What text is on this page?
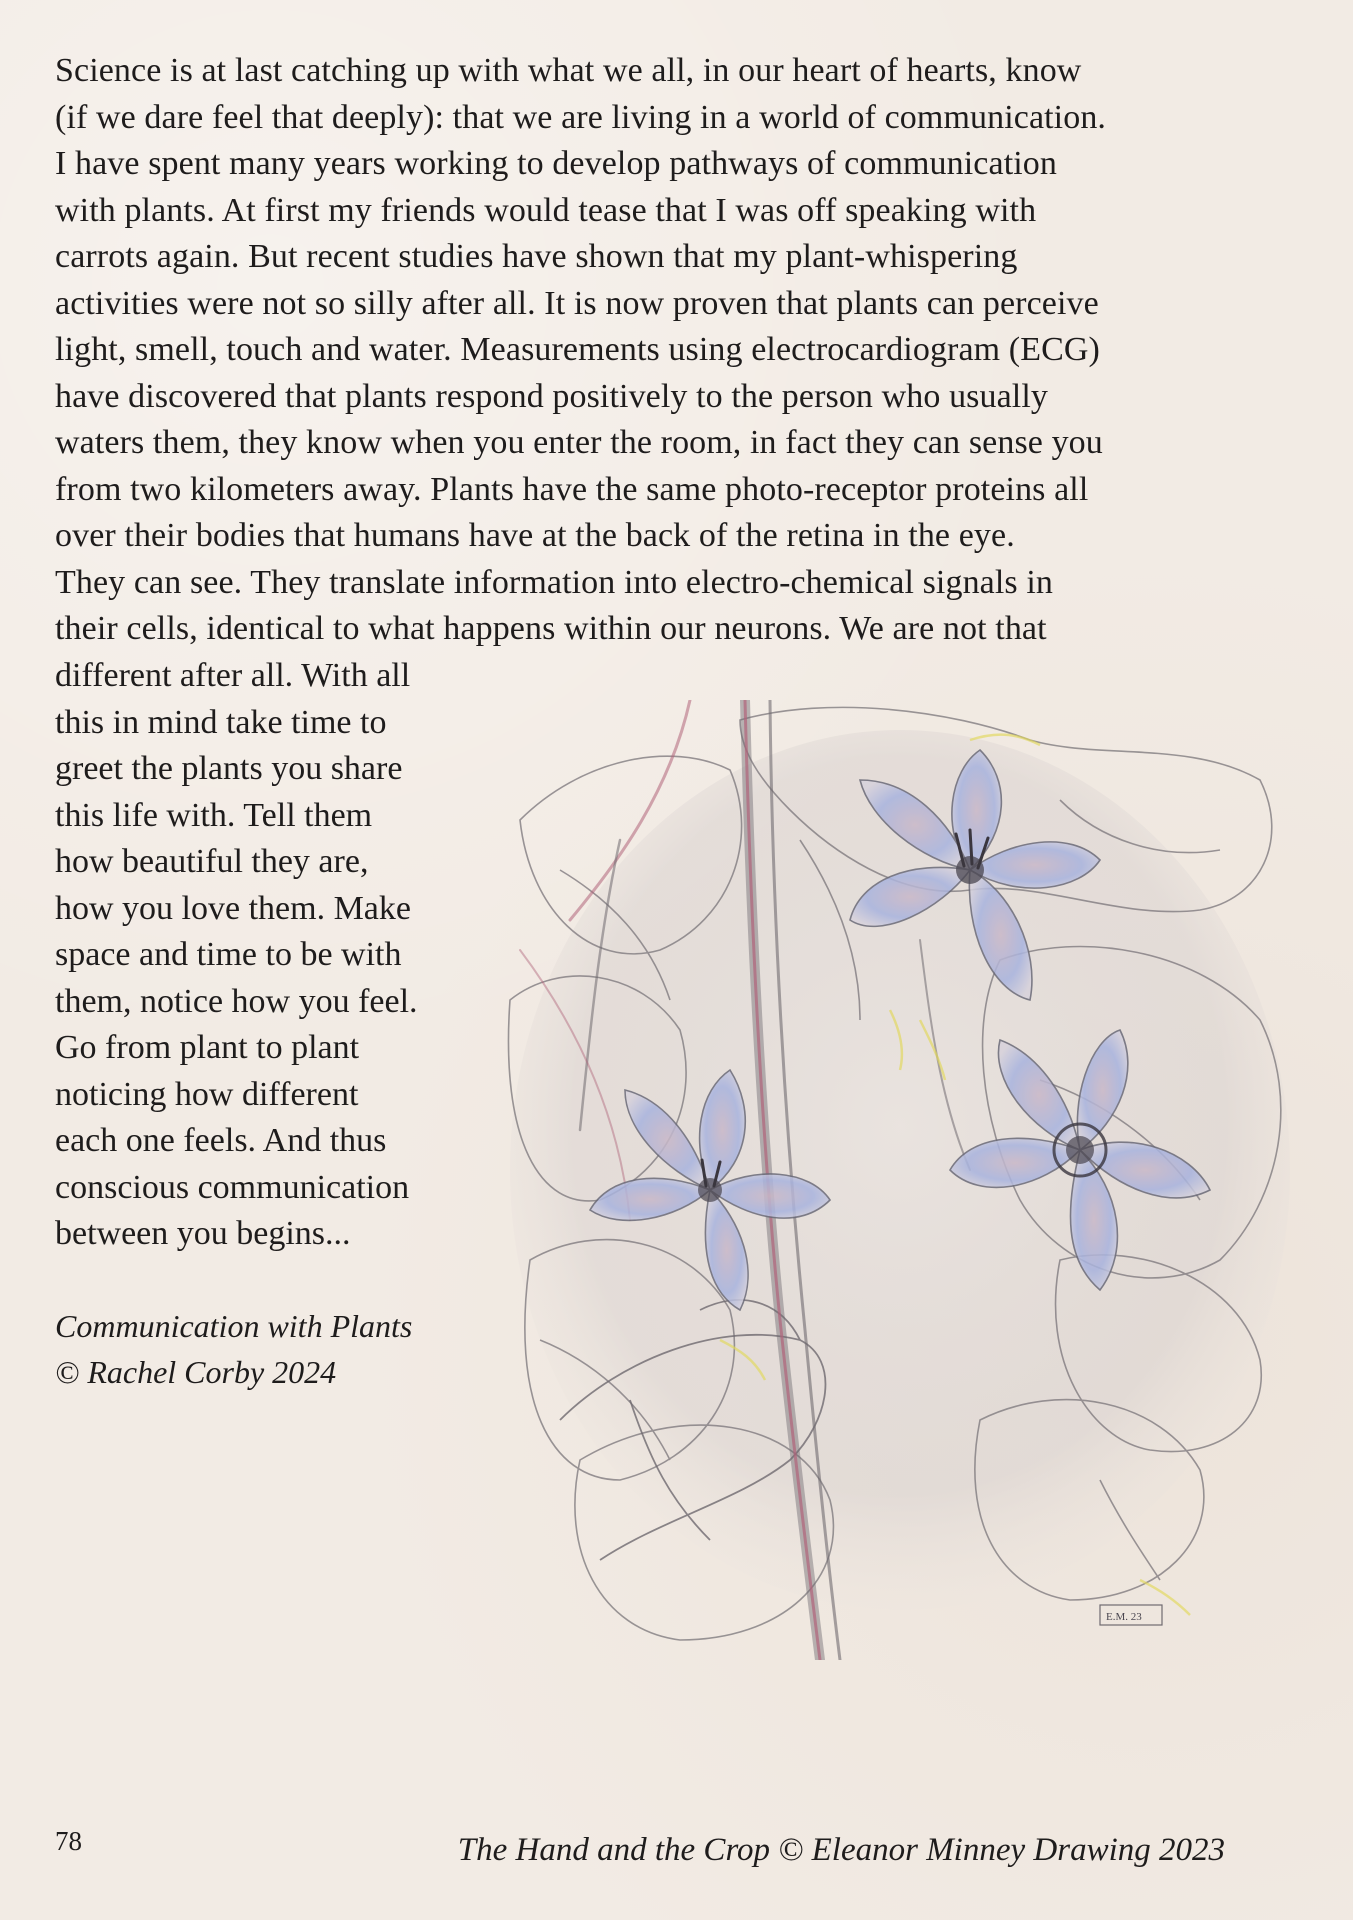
Science is at last catching up with what we all, in our heart of hearts, know
(if we dare feel that deeply): that we are living in a world of communication.
I have spent many years working to develop pathways of communication
with plants. At first my friends would tease that I was off speaking with
carrots again. But recent studies have shown that my plant-whispering
activities were not so silly after all. It is now proven that plants can perceive
light, smell, touch and water. Measurements using electrocardiogram (ECG)
have discovered that plants respond positively to the person who usually
waters them, they know when you enter the room, in fact they can sense you
from two kilometers away. Plants have the same photo-receptor proteins all
over their bodies that humans have at the back of the retina in the eye.
They can see. They translate information into electro-chemical signals in
their cells, identical to what happens within our neurons. We are not that

different after all. With all
this in mind take time to
greet the plants you share
this life with. Tell them
how beautiful they are,
how you love them. Make
space and time to be with
them, notice how you feel.
Go from plant to plant
noticing how different
each one feels. And thus
conscious communication
between you begins...

Communication with Plants
© Rachel Corby 2024

E.M. 23
78	The Hand and the Crop © Eleanor Minney Drawing 2023
